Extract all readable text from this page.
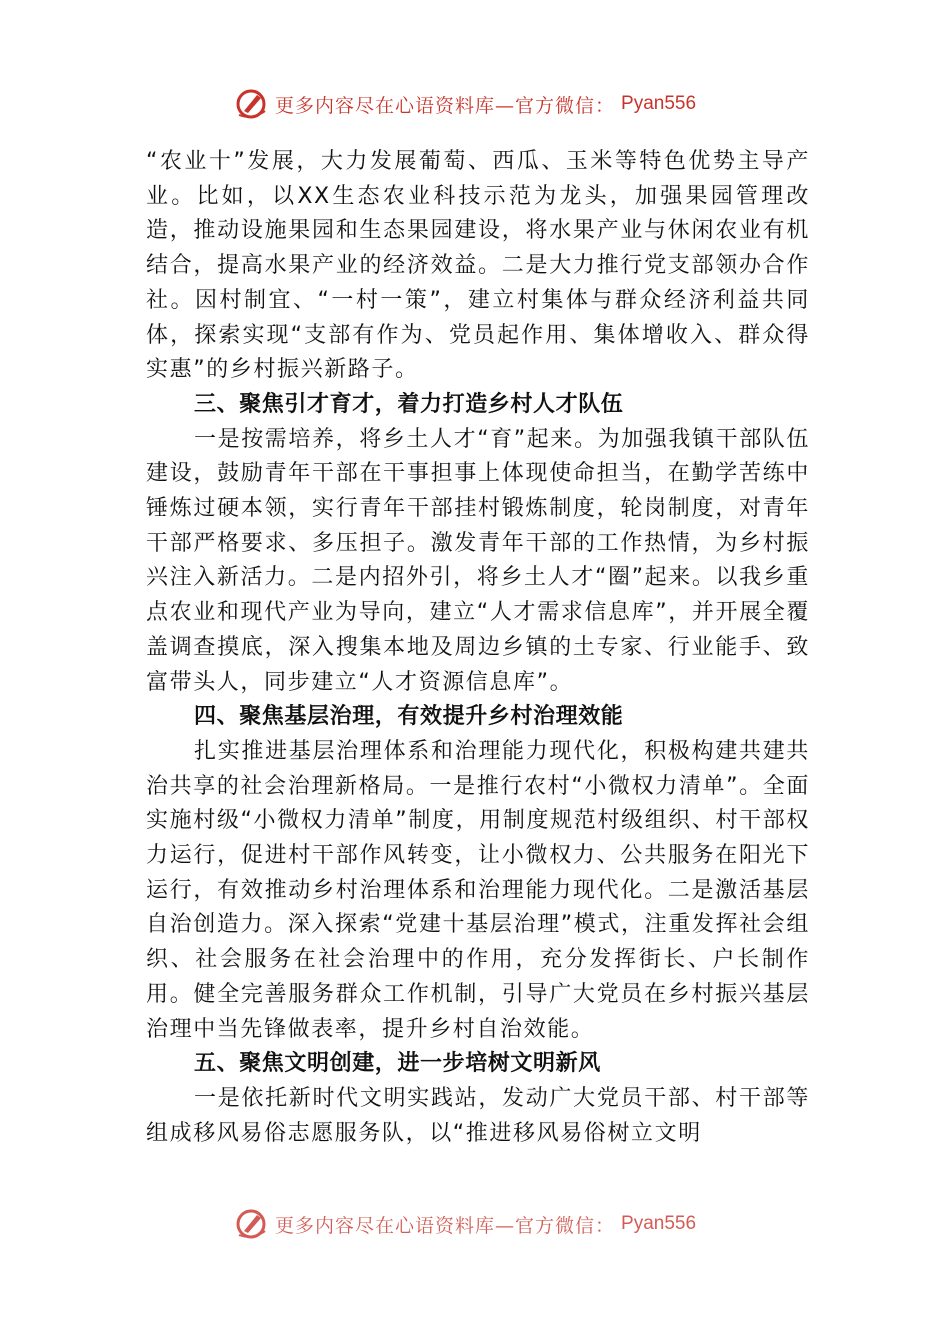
更多内容尽在心语资料库—官方微信： Pyan556

“农业十”发展，大力发展葡萄、西瓜、玉米等特色优势主导产业。比如，以XX生态农业科技示范为龙头，加强果园管理改造，推动设施果园和生态果园建设，将水果产业与休闲农业有机结合，提高水果产业的经济效益。二是大力推行党支部领办合作社。因村制宜、“一村一策”，建立村集体与群众经济利益共同体，探索实现“支部有作为、党员起作用、集体增收入、群众得实惠”的乡村振兴新路子。

三、聚焦引才育才，着力打造乡村人才队伍

一是按需培养，将乡土人才“育”起来。为加强我镇干部队伍建设，鼓励青年干部在干事担事上体现使命担当，在勤学苦练中锤炼过硬本领，实行青年干部挂村锻炼制度，轮岗制度，对青年干部严格要求、多压担子。激发青年干部的工作热情，为乡村振兴注入新活力。二是内招外引，将乡土人才“圈”起来。以我乡重点农业和现代产业为导向，建立“人才需求信息库”，并开展全覆盖调查摸底，深入搜集本地及周边乡镇的土专家、行业能手、致富带头人，同步建立“人才资源信息库”。

四、聚焦基层治理，有效提升乡村治理效能

扎实推进基层治理体系和治理能力现代化，积极构建共建共治共享的社会治理新格局。一是推行农村“小微权力清单”。全面实施村级“小微权力清单”制度，用制度规范村级组织、村干部权力运行，促进村干部作风转变，让小微权力、公共服务在阳光下运行，有效推动乡村治理体系和治理能力现代化。二是激活基层自治创造力。深入探索“党建十基层治理”模式，注重发挥社会组织、社会服务在社会治理中的作用，充分发挥街长、户长制作用。健全完善服务群众工作机制，引导广大党员在乡村振兴基层治理中当先锋做表率，提升乡村自治效能。

五、聚焦文明创建，进一步培树文明新风

一是依托新时代文明实践站，发动广大党员干部、村干部等组成移风易俗志愿服务队，以“推进移风易俗树立文明

更多内容尽在心语资料库—官方微信： Pyan556
